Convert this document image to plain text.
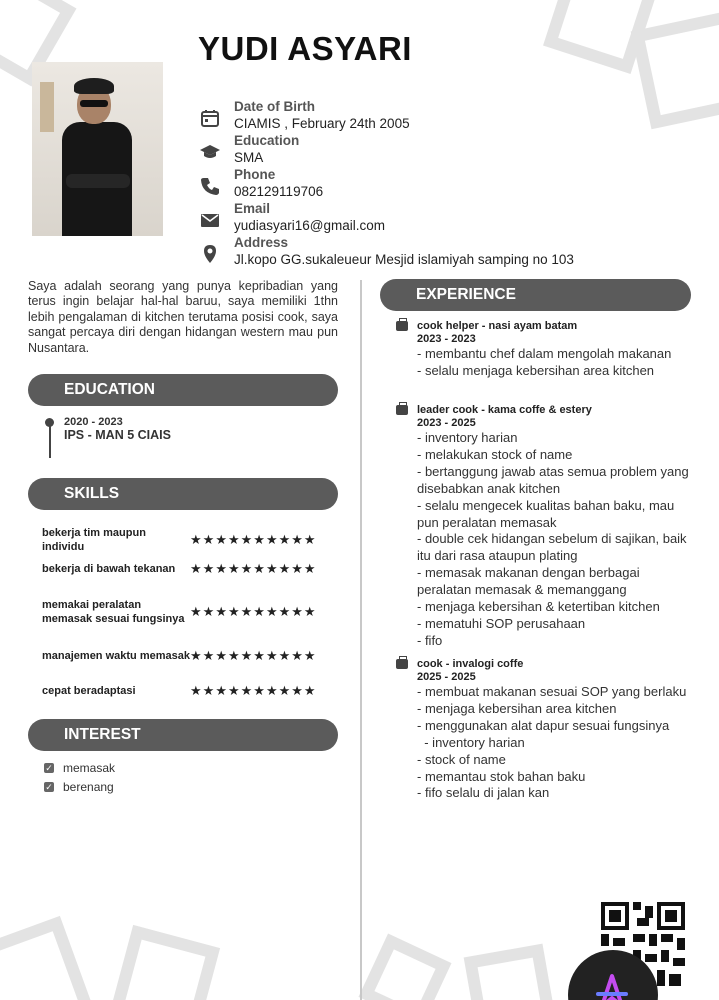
YUDI ASYARI
Date of Birth
CIAMIS , February 24th 2005
Education
SMA
Phone
082129119706
Email
yudiasyari16@gmail.com
Address
Jl.kopo GG.sukaleueur Mesjid islamiyah samping no 103
Saya adalah seorang yang punya kepribadian yang terus ingin belajar hal-hal baruu, saya memiliki 1thn lebih pengalaman di kitchen terutama posisi cook, saya sangat percaya diri dengan hidangan western mau pun Nusantara.
EDUCATION
2020 - 2023
IPS - MAN 5 CIAIS
SKILLS
bekerja tim maupun individu	★★★★★★★★★★
bekerja di bawah tekanan	★★★★★★★★★★
memakai peralatan memasak sesuai fungsinya ★★★★★★★★★★
manajemen waktu memasak ★★★★★★★★★★
cepat beradaptasi	★★★★★★★★★★
INTEREST
✓ memasak
✓ berenang
EXPERIENCE
cook helper - nasi ayam batam
2023 - 2023
- membantu chef dalam mengolah makanan
- selalu menjaga kebersihan area kitchen
leader cook - kama coffe & estery
2023 - 2025
- inventory harian
- melakukan stock of name
- bertanggung jawab atas semua problem yang    disebabkan anak kitchen
- selalu mengecek kualitas bahan baku, mau pun peralatan memasak
- double cek hidangan sebelum di sajikan, baik itu dari rasa ataupun plating
- memasak makanan dengan berbagai peralatan memasak & memanggang
- menjaga kebersihan & ketertiban kitchen
- mematuhi SOP perusahaan
- fifo
cook - invalogi coffe
2025 - 2025
- membuat makanan sesuai SOP yang berlaku
- menjaga kebersihan area kitchen
- menggunakan alat dapur sesuai fungsinya
- inventory harian
- stock of name
- memantau stok bahan baku
- fifo selalu di jalan kan
